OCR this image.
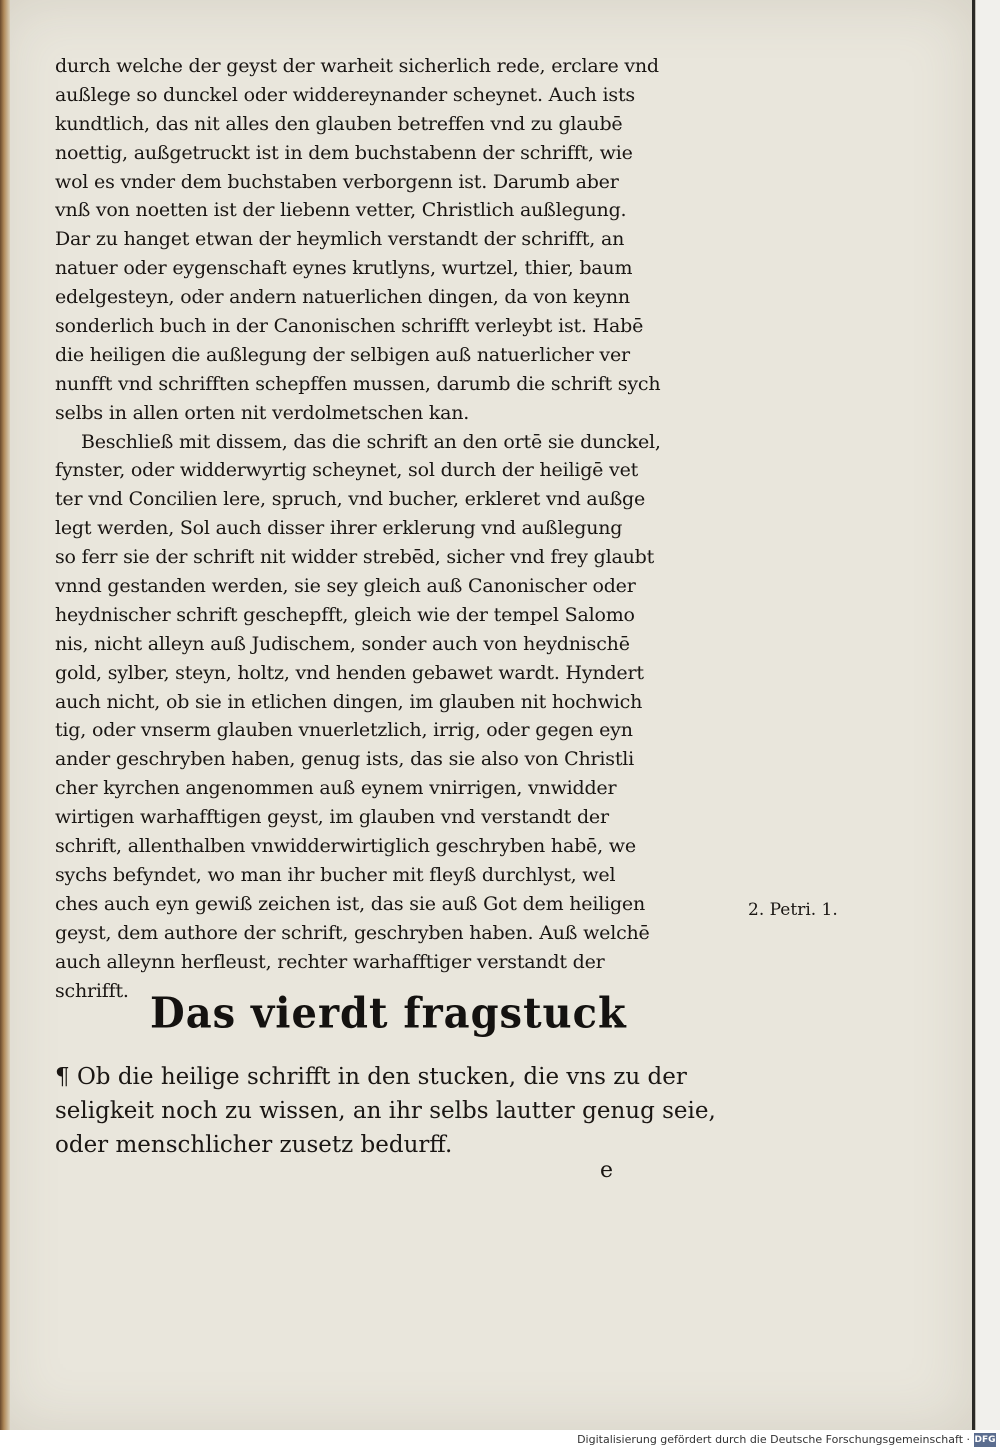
durch welche der geyst der warheit sicherlich rede, erclare vnd
außlege so dunckel oder widdereynander scheynet. Auch ists
kundtlich, das nit alles den glauben betreffen vnd zu glaubē
noettig, außgetruckt ist in dem buchstabenn der schrifft, wie
wol es vnder dem buchstaben verborgenn ist. Darumb aber
vnß von noetten ist der liebenn vetter, Christlich außlegung.
Dar zu hanget etwan der heymlich verstandt der schrifft, an
natuer oder eygenschaft eynes krutlyns, wurtzel, thier, baum
edelgesteyn, oder andern natuerlichen dingen, da von keynn
sonderlich buch in der Canonischen schrifft verleybt ist. Habē
die heiligen die außlegung der selbigen auß natuerlicher ver
nunfft vnd schrifften schepffen mussen, darumb die schrift sych
selbs in allen orten nit verdolmetschen kan.
Beschließ mit dissem, das die schrift an den ortē sie dunckel,
fynster, oder widderwyrtig scheynet, sol durch der heiligē vet
ter vnd Concilien lere, spruch, vnd bucher, erkleret vnd außge
legt werden, Sol auch disser ihrer erklerung vnd außlegung
so ferr sie der schrift nit widder strebēd, sicher vnd frey glaubt
vnnd gestanden werden, sie sey gleich auß Canonischer oder
heydnischer schrift geschepfft, gleich wie der tempel Salomo
nis, nicht alleyn auß Judischem, sonder auch von heydnischē
gold, sylber, steyn, holtz, vnd henden gebawet wardt. Hyndert
auch nicht, ob sie in etlichen dingen, im glauben nit hochwich
tig, oder vnserm glauben vnuerletzlich, irrig, oder gegen eyn
ander geschryben haben, genug ists, das sie also von Christli
cher kyrchen angenommen auß eynem vnirrigen, vnwidder
wirtigen warhafftigen geyst, im glauben vnd verstandt der
schrift, allenthalben vnwidderwirtiglich geschryben habē, we
sychs befyndet, wo man ihr bucher mit fleyß durchlyst, wel
ches auch eyn gewiß zeichen ist, das sie auß Got dem heiligen
geyst, dem authore der schrift, geschryben haben. Auß welchē
auch alleynn herfleust, rechter warhafftiger verstandt der
schrifft.
2. Petri. 1.
Das vierdt fragstuck
¶ Ob die heilige schrifft in den stucken, die vns zu der
seligkeit noch zu wissen, an ihr selbs lautter genug seie,
oder menschlicher zusetz bedurff.
e
Digitalisierung gefördert durch die Deutsche Forschungsgemeinschaft · DFG
